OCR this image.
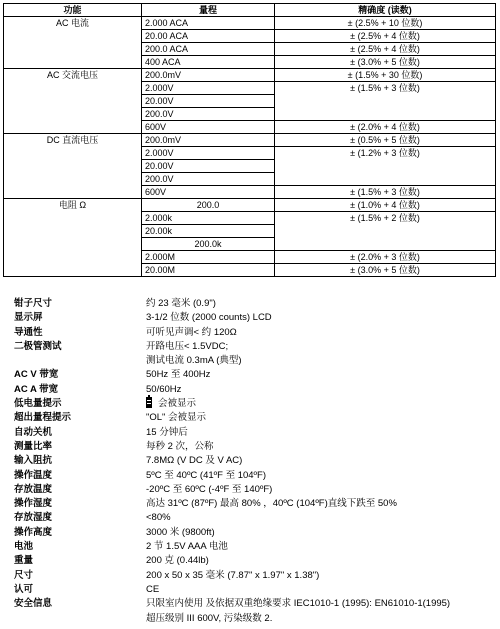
功能	量程	精确度 (读数)
AC 电流	2.000 ACA	± (2.5% + 10 位数)
	20.00 ACA	± (2.5% + 4 位数)
	200.0 ACA	± (2.5% + 4 位数)
	400 ACA	± (3.0% + 5 位数)
AC 交流电压	200.0mV	± (1.5% + 30 位数)
	2.000V	± (1.5% + 3 位数)
	20.00V	
	200.0V	
	600V	± (2.0% + 4 位数)
DC 直流电压	200.0mV	± (0.5% + 5 位数)
	2.000V	± (1.2% + 3 位数)
	20.00V	
	200.0V	
	600V	± (1.5% + 3 位数)
电阻 Ω	200.0	± (1.0% + 4 位数)
	2.000k	± (1.5% + 2 位数)
	20.00k	
	200.0k	
	2.000M	± (2.0% + 3 位数)
	20.00M	± (3.0% + 5 位数)
钳子尺寸	约 23 毫米 (0.9")
显示屏	3-1/2 位数 (2000 counts) LCD
导通性	可听见声调< 约 120Ω
二极管测试	开路电压< 1.5VDC;
测试电流 0.3mA (典型)
AC V 带宽	50Hz 至 400Hz
AC A 带宽	50/60Hz
低电量提示	会被显示
超出量程提示	"OL" 会被显示
自动关机	15 分钟后
测量比率	每秒 2 次，公称
输入阻抗	7.8MΩ (V DC 及 V AC)
操作温度	5ºC 至 40ºC (41ºF 至 104ºF)
存放温度	-20ºC 至 60ºC (-4ºF 至 140ºF)
操作湿度	高达 31ºC (87ºF) 最高 80% ，40ºC (104ºF)直线下跌至 50%
存放湿度	<80%
操作高度	3000 米 (9800ft)
电池	2 节 1.5V AAA 电池
重量	200 克 (0.44lb)
尺寸	200 x 50 x 35 毫米 (7.87" x 1.97" x 1.38")
认可	CE
安全信息	只限室内使用 及依据双重绝缘要求 IEC1010-1 (1995): EN61010-1(1995)
超压级别 III 600V, 污染级数 2.
